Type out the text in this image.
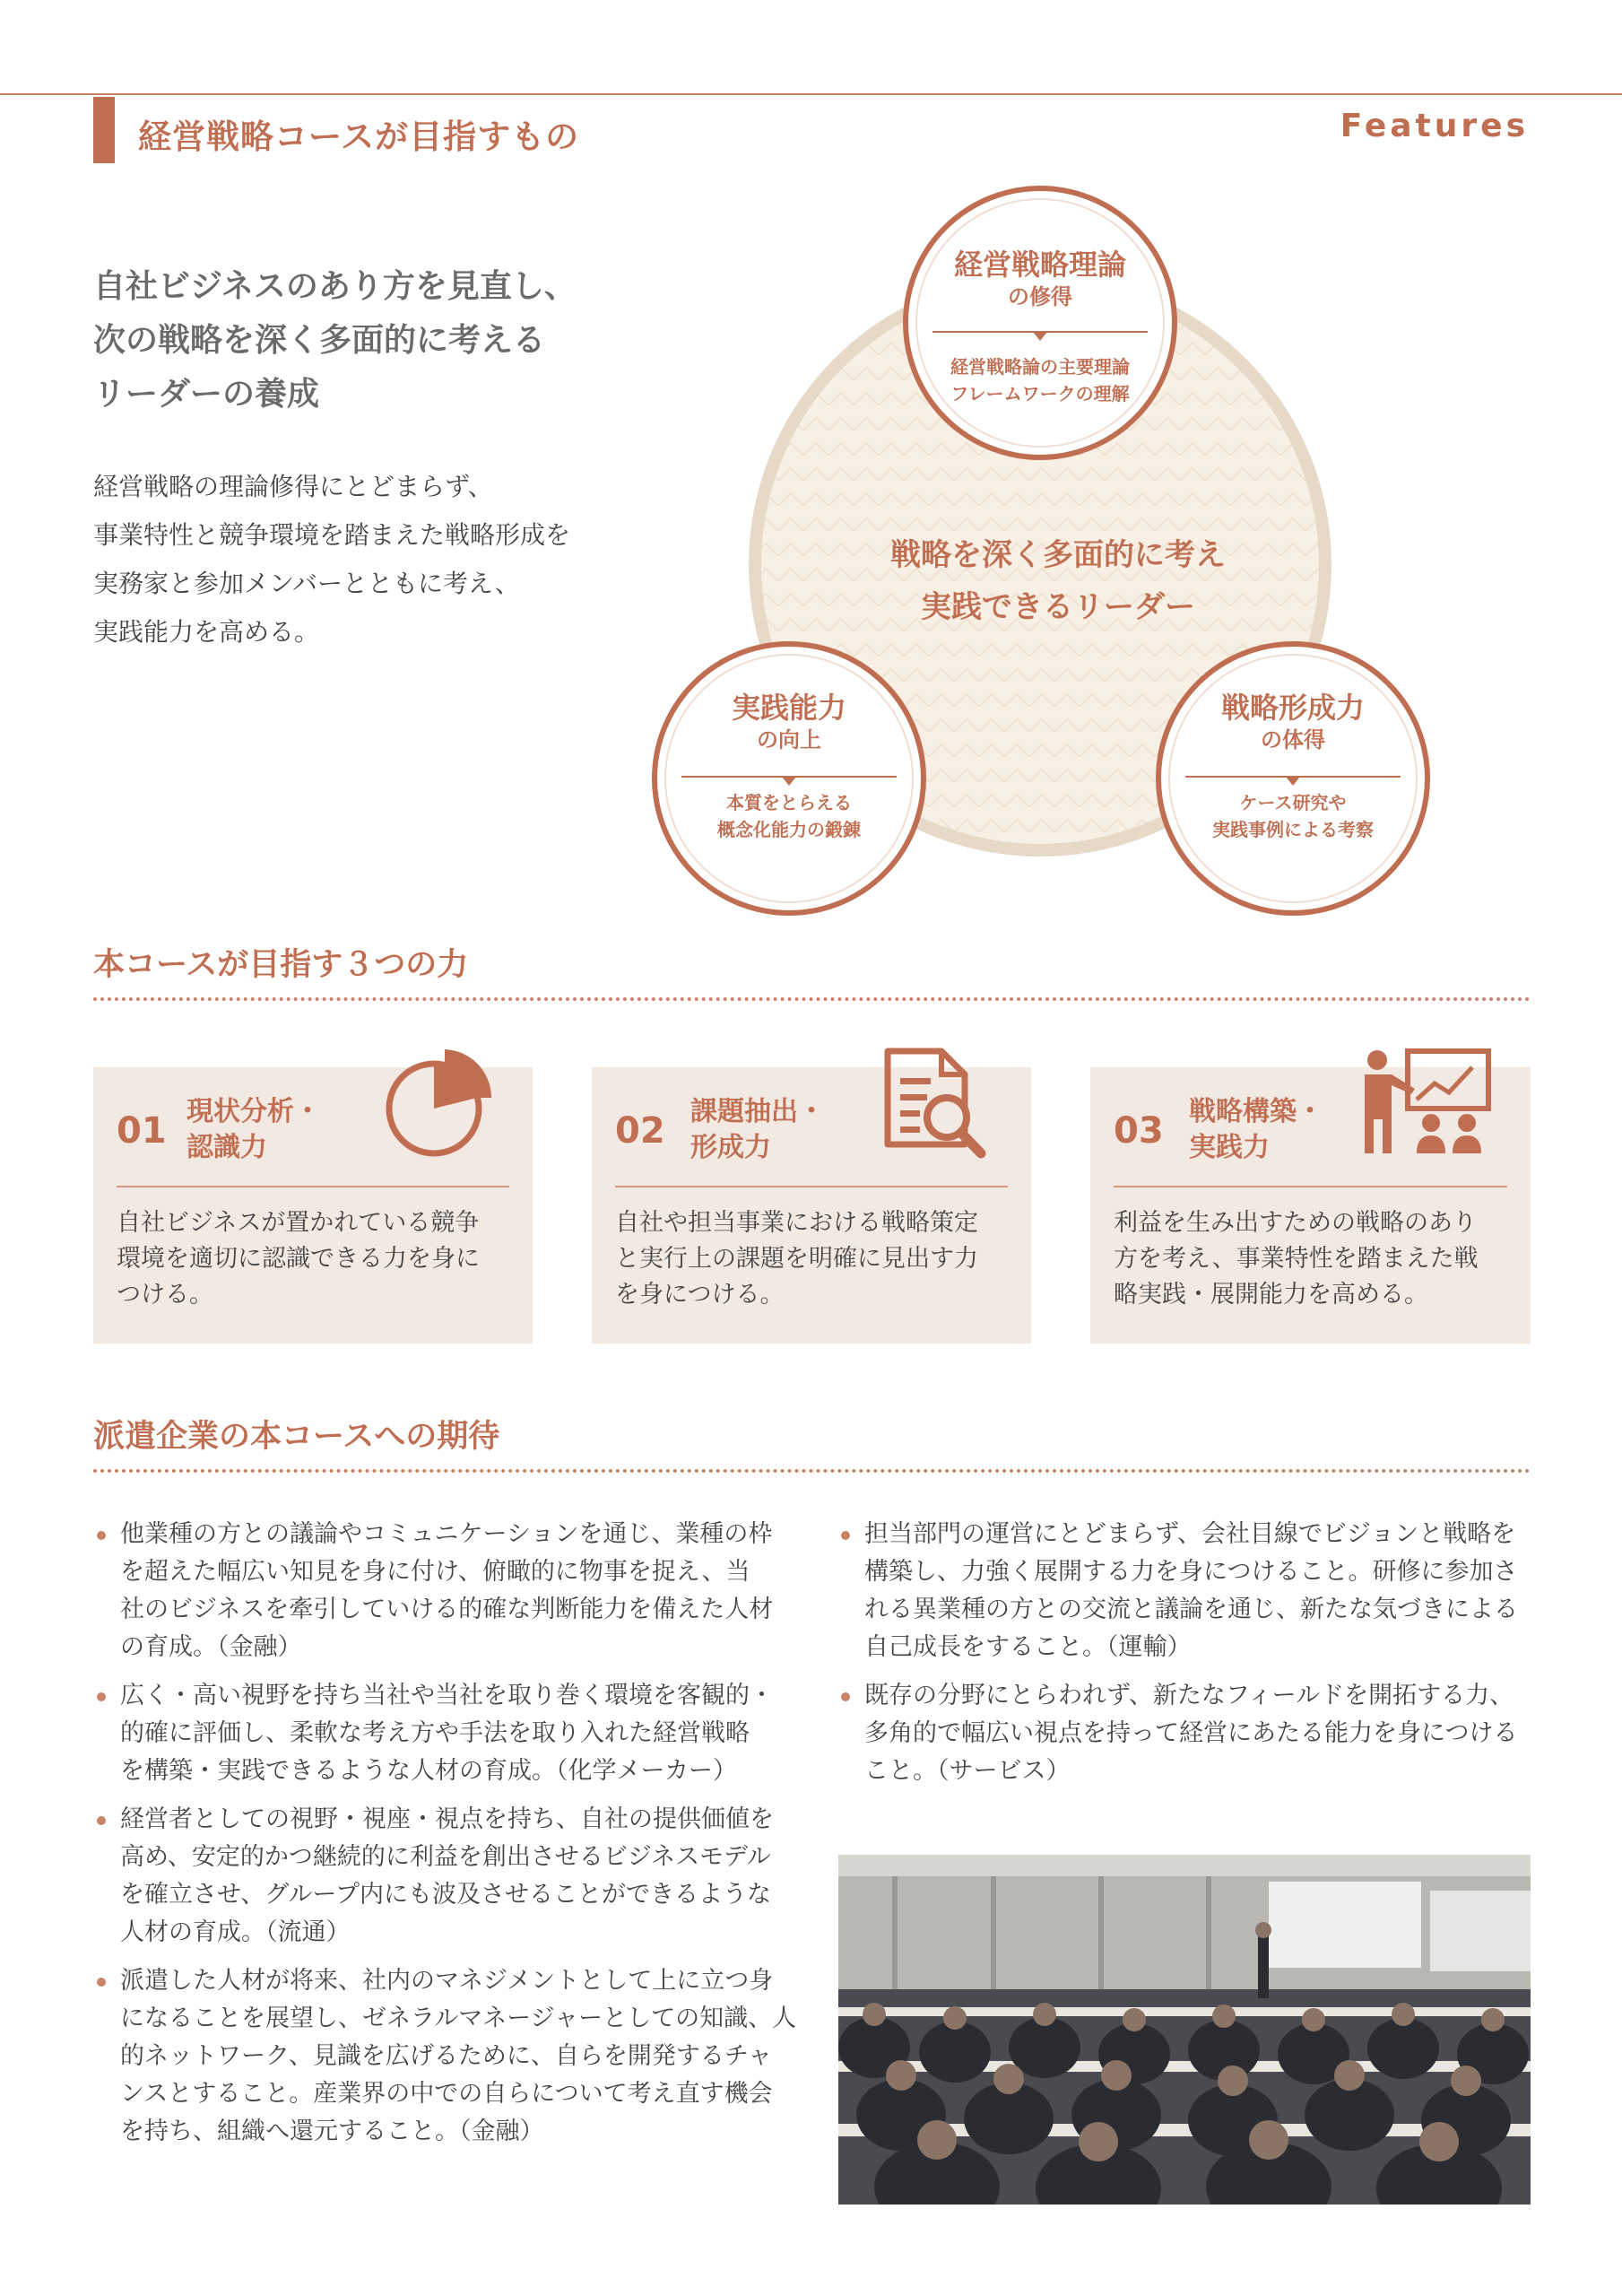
経営戦略コースが目指すもの	Features
自社ビジネスのあり方を見直し、
次の戦略を深く多面的に考える
リーダーの養成
経営戦略の理論修得にとどまらず、
事業特性と競争環境を踏まえた戦略形成を
実務家と参加メンバーとともに考え、
実践能力を高める。
戦略を深く多面的に考え
実践できるリーダー
経営戦略理論
の修得
経営戦略論の主要理論
フレームワークの理解
実践能力
の向上
本質をとらえる
概念化能力の鍛錬
戦略形成力
の体得
ケース研究や
実践事例による考察
本コースが目指す３つの力
01 現状分析・
認識力
自社ビジネスが置かれている競争
環境を適切に認識できる力を身に
つける。
02 課題抽出・
形成力
自社や担当事業における戦略策定
と実行上の課題を明確に見出す力
を身につける。
03 戦略構築・
実践力
利益を生み出すための戦略のあり
方を考え、事業特性を踏まえた戦
略実践・展開能力を高める。
派遣企業の本コースへの期待
他業種の方との議論やコミュニケーションを通じ、業種の枠
を超えた幅広い知見を身に付け、俯瞰的に物事を捉え、当
社のビジネスを牽引していける的確な判断能力を備えた人材
の育成。（金融）
広く・高い視野を持ち当社や当社を取り巻く環境を客観的・
的確に評価し、柔軟な考え方や手法を取り入れた経営戦略
を構築・実践できるような人材の育成。（化学メーカー）
経営者としての視野・視座・視点を持ち、自社の提供価値を
高め、安定的かつ継続的に利益を創出させるビジネスモデル
を確立させ、グループ内にも波及させることができるような
人材の育成。（流通）
派遣した人材が将来、社内のマネジメントとして上に立つ身
になることを展望し、ゼネラルマネージャーとしての知識、人
的ネットワーク、見識を広げるために、自らを開発するチャ
ンスとすること。産業界の中での自らについて考え直す機会
を持ち、組織へ還元すること。（金融）
担当部門の運営にとどまらず、会社目線でビジョンと戦略を
構築し、力強く展開する力を身につけること。研修に参加さ
れる異業種の方との交流と議論を通じ、新たな気づきによる
自己成長をすること。（運輸）
既存の分野にとらわれず、新たなフィールドを開拓する力、
多角的で幅広い視点を持って経営にあたる能力を身につける
こと。（サービス）
